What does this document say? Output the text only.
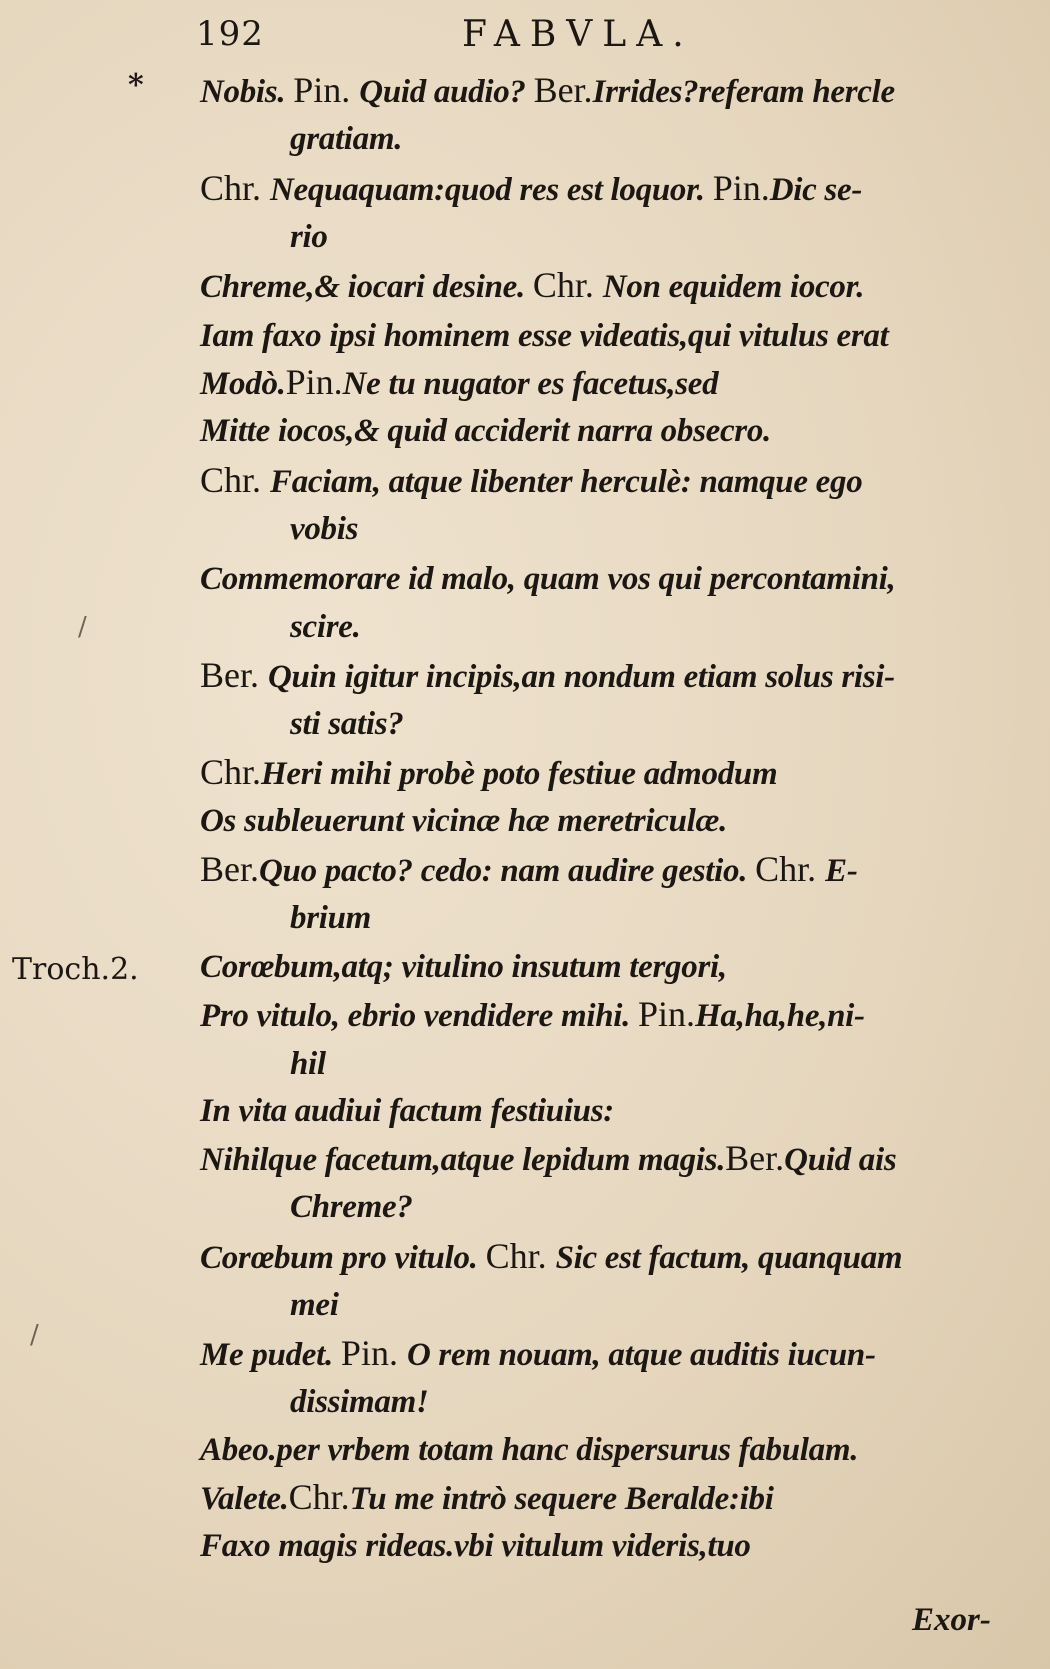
192	FABVLA.
*
Troch.2.
/
/
Nobis. Pin. Quid audio? Ber.Irrides?referam hercle
gratiam.
Chr. Nequaquam:quod res est loquor. Pin.Dic se-
rio
Chreme,& iocari desine. Chr. Non equidem iocor.
Iam faxo ipsi hominem esse videatis,qui vitulus erat
Modò.Pin.Ne tu nugator es facetus,sed
Mitte iocos,& quid acciderit narra obsecro.
Chr. Faciam, atque libenter herculè: namque ego
vobis
Commemorare id malo, quam vos qui percontamini,
scire.
Ber. Quin igitur incipis,an nondum etiam solus risi-
sti satis?
Chr.Heri mihi probè poto festiue admodum
Os subleuerunt vicinæ hæ meretriculæ.
Ber.Quo pacto? cedo: nam audire gestio. Chr. E-
brium
Corœbum,atq; vitulino insutum tergori,
Pro vitulo, ebrio vendidere mihi. Pin.Ha,ha,he,ni-
hil
In vita audiui factum festiuius:
Nihilque facetum,atque lepidum magis.Ber.Quid ais
Chreme?
Corœbum pro vitulo. Chr. Sic est factum, quanquam
mei
Me pudet. Pin. O rem nouam, atque auditis iucun-
dissimam!
Abeo.per vrbem totam hanc dispersurus fabulam.
Valete.Chr.Tu me intrò sequere Beralde:ibi
Faxo magis rideas.vbi vitulum videris,tuo
Exor-
